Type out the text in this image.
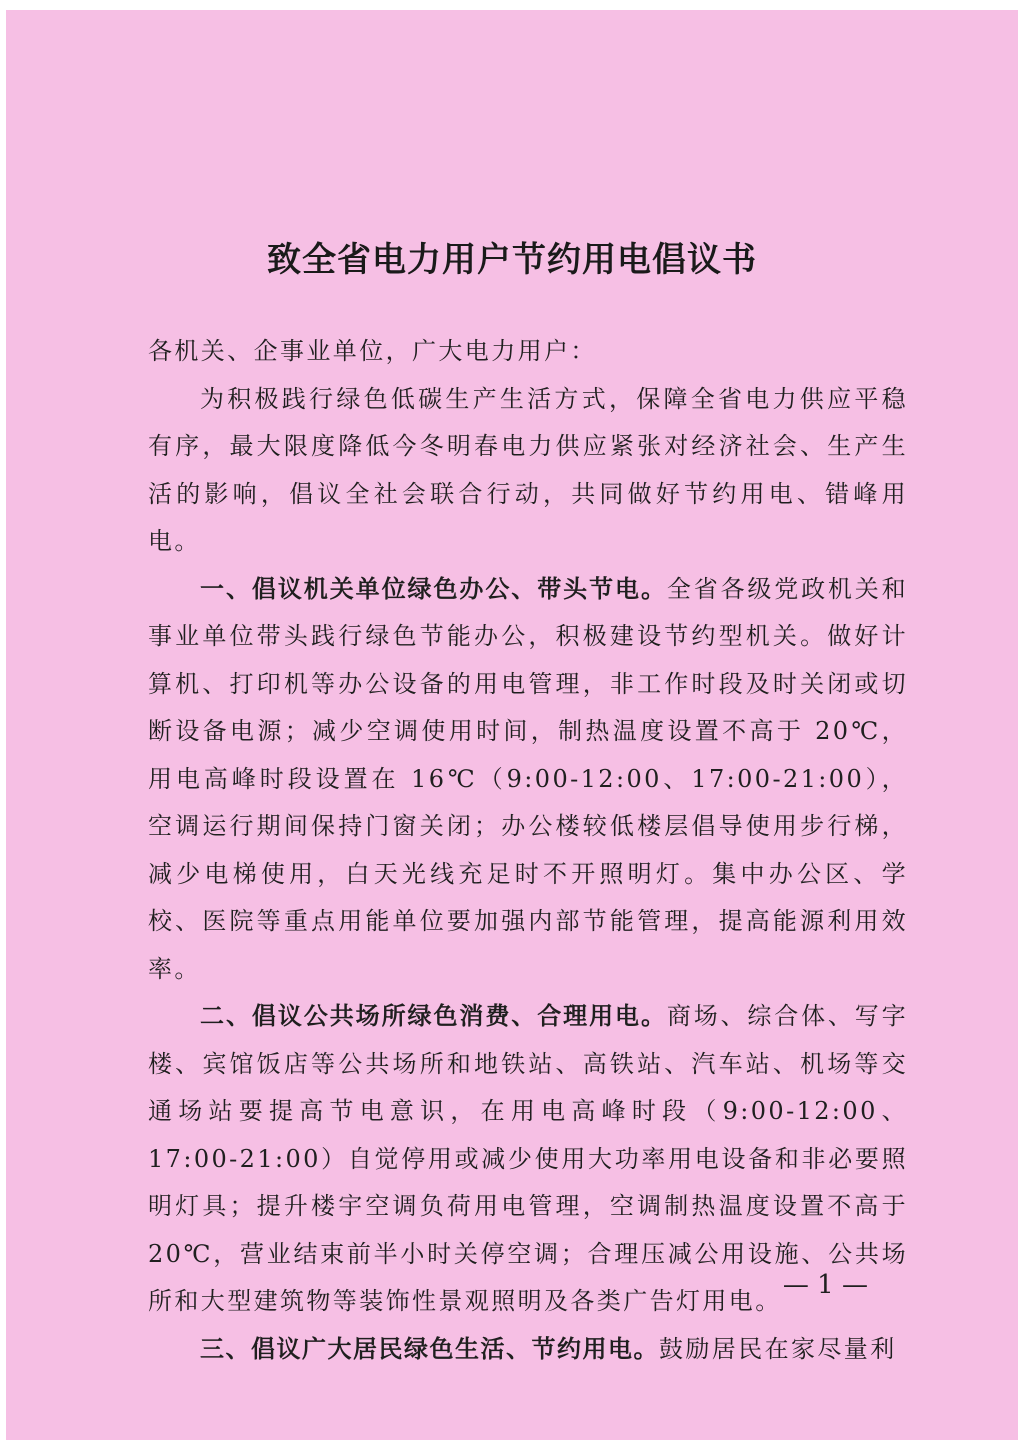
致全省电力用户节约用电倡议书

各机关、企事业单位，广大电力用户：

为积极践行绿色低碳生产生活方式，保障全省电力供应平稳有序，最大限度降低今冬明春电力供应紧张对经济社会、生产生活的影响，倡议全社会联合行动，共同做好节约用电、错峰用电。

一、倡议机关单位绿色办公、带头节电。全省各级党政机关和事业单位带头践行绿色节能办公，积极建设节约型机关。做好计算机、打印机等办公设备的用电管理，非工作时段及时关闭或切断设备电源；减少空调使用时间，制热温度设置不高于 20℃，用电高峰时段设置在 16℃（9:00-12:00、17:00-21:00），空调运行期间保持门窗关闭；办公楼较低楼层倡导使用步行梯，减少电梯使用，白天光线充足时不开照明灯。集中办公区、学校、医院等重点用能单位要加强内部节能管理，提高能源利用效率。

二、倡议公共场所绿色消费、合理用电。商场、综合体、写字楼、宾馆饭店等公共场所和地铁站、高铁站、汽车站、机场等交通场站要提高节电意识，在用电高峰时段（9:00-12:00、17:00-21:00）自觉停用或减少使用大功率用电设备和非必要照明灯具；提升楼宇空调负荷用电管理，空调制热温度设置不高于 20℃，营业结束前半小时关停空调；合理压减公用设施、公共场所和大型建筑物等装饰性景观照明及各类广告灯用电。

三、倡议广大居民绿色生活、节约用电。鼓励居民在家尽量利

— 1 —
